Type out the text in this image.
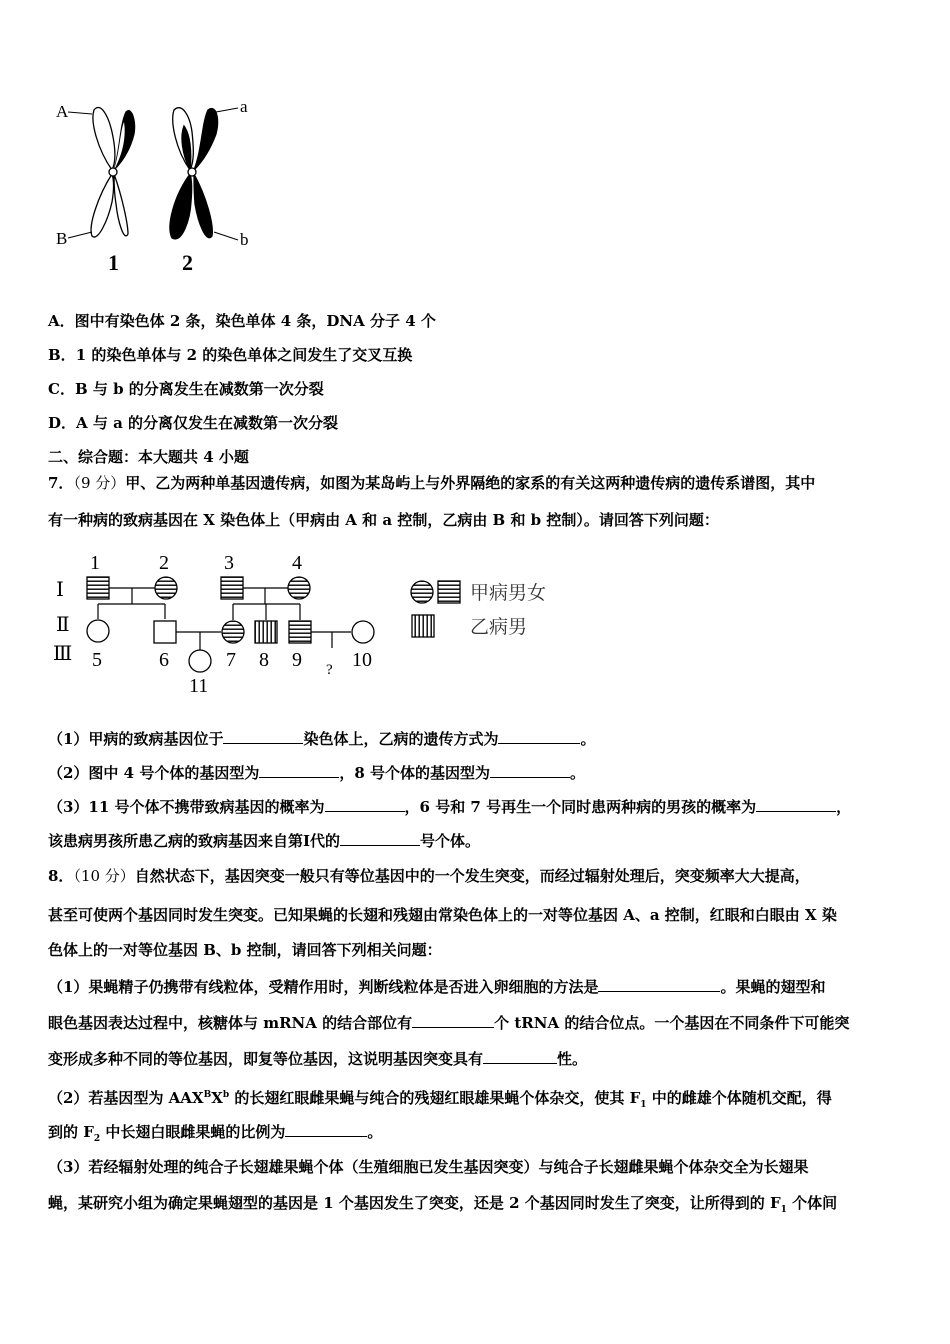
A	a
B	b
1	2
A．图中有染色体 2 条，染色单体 4 条，DNA 分子 4 个
B．1 的染色单体与 2 的染色单体之间发生了交叉互换
C．B 与 b 的分离发生在减数第一次分裂
D．A 与 a 的分离仅发生在减数第一次分裂
二、综合题：本大题共 4 小题
7．（9 分）甲、乙为两种单基因遗传病，如图为某岛屿上与外界隔绝的家系的有关这两种遗传病的遗传系谱图，其中
有一种病的致病基因在 X 染色体上（甲病由 A 和 a 控制，乙病由 B 和 b 控制）。请回答下列问题：
1	2	3	4
5	6	7 8 9	10
11
?
Ⅰ
Ⅱ
Ⅲ
甲病男女
乙病男
（1）甲病的致病基因位于	染色体上，乙病的遗传方式为	。
（2）图中 4 号个体的基因型为	，8 号个体的基因型为	。
（3）11 号个体不携带致病基因的概率为	，6 号和 7 号再生一个同时患两种病的男孩的概率为	，
该患病男孩所患乙病的致病基因来自第Ⅰ代的	号个体。
8．（10 分）自然状态下，基因突变一般只有等位基因中的一个发生突变，而经过辐射处理后，突变频率大大提高，
甚至可使两个基因同时发生突变。已知果蝇的长翅和残翅由常染色体上的一对等位基因 A、a 控制，红眼和白眼由 X 染
色体上的一对等位基因 B、b 控制，请回答下列相关问题：
（1）果蝇精子仍携带有线粒体，受精作用时，判断线粒体是否进入卵细胞的方法是	。果蝇的翅型和
眼色基因表达过程中，核糖体与 mRNA 的结合部位有	个 tRNA 的结合位点。一个基因在不同条件下可能突
变形成多种不同的等位基因，即复等位基因，这说明基因突变具有	性。
（2）若基因型为 $AAX^BX^b$ 的长翅红眼雌果蝇与纯合的残翅红眼雄果蝇个体杂交，使其 $F_1$ 中的雌雄个体随机交配，得
到的 $F_2$ 中长翅白眼雌果蝇的比例为	。
（3）若经辐射处理的纯合子长翅雄果蝇个体（生殖细胞已发生基因突变）与纯合子长翅雌果蝇个体杂交全为长翅果
蝇，某研究小组为确定果蝇翅型的基因是 1 个基因发生了突变，还是 2 个基因同时发生了突变，让所得到的 $F_1$ 个体间
